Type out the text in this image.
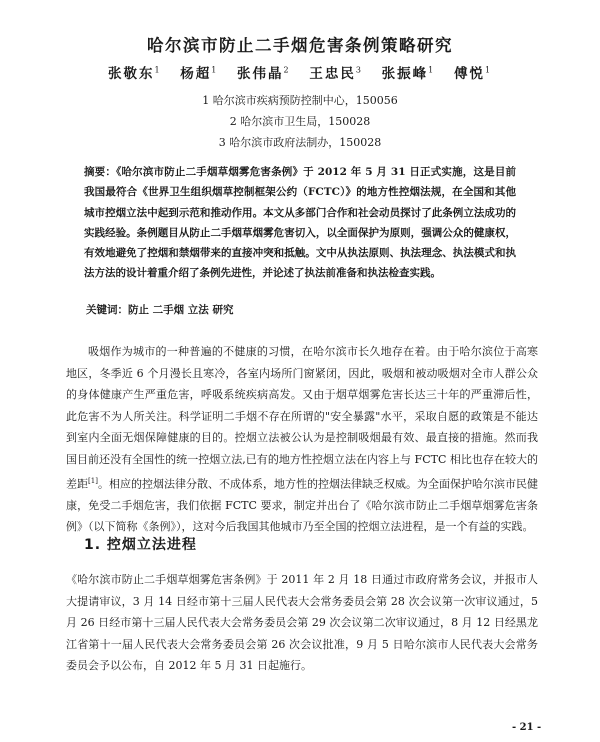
哈尔滨市防止二手烟危害条例策略研究
张敬东$^1$ 杨超$^1$ 张伟晶$^2$ 王忠民$^3$ 张振峰$^1$ 傅悦$^1$
1 哈尔滨市疾病预防控制中心，150056
2 哈尔滨市卫生局，150028
3 哈尔滨市政府法制办，150028
摘要：《哈尔滨市防止二手烟草烟雾危害条例》于 2012 年 5 月 31 日正式实施，这是目前我国最符合《世界卫生组织烟草控制框架公约（FCTC）》的地方性控烟法规，在全国和其他城市控烟立法中起到示范和推动作用。本文从多部门合作和社会动员探讨了此条例立法成功的实践经验。条例题目从防止二手烟草烟雾危害切入，以全面保护为原则，强调公众的健康权，有效地避免了控烟和禁烟带来的直接冲突和抵触。文中从执法原则、执法理念、执法模式和执法方法的设计着重介绍了条例先进性，并论述了执法前准备和执法检查实践。
关键词：防止 二手烟 立法 研究
吸烟作为城市的一种普遍的不健康的习惯，在哈尔滨市长久地存在着。由于哈尔滨位于高寒地区，冬季近 6 个月漫长且寒冷，各室内场所门窗紧闭，因此，吸烟和被动吸烟对全市人群公众的身体健康产生严重危害，呼吸系统疾病高发。又由于烟草烟雾危害长达三十年的严重滞后性，此危害不为人所关注。科学证明二手烟不存在所谓的"安全暴露"水平，采取自愿的政策是不能达到室内全面无烟保障健康的目的。控烟立法被公认为是控制吸烟最有效、最直接的措施。然而我国目前还没有全国性的统一控烟立法,已有的地方性控烟立法在内容上与 FCTC 相比也存在较大的差距[1]。相应的控烟法律分散、不成体系，地方性的控烟法律缺乏权威。为全面保护哈尔滨市民健康，免受二手烟危害，我们依据 FCTC 要求，制定并出台了《哈尔滨市防止二手烟草烟雾危害条例》（以下简称《条例》），这对今后我国其他城市乃至全国的控烟立法进程，是一个有益的实践。
1. 控烟立法进程
《哈尔滨市防止二手烟草烟雾危害条例》于 2011 年 2 月 18 日通过市政府常务会议，并报市人大提请审议，3 月 14 日经市第十三届人民代表大会常务委员会第 28 次会议第一次审议通过，5 月 26 日经市第十三届人民代表大会常务委员会第 29 次会议第二次审议通过，8 月 12 日经黑龙江省第十一届人民代表大会常务委员会第 26 次会议批准，9 月 5 日哈尔滨市人民代表大会常务委员会予以公布，自 2012 年 5 月 31 日起施行。
- 21 -
